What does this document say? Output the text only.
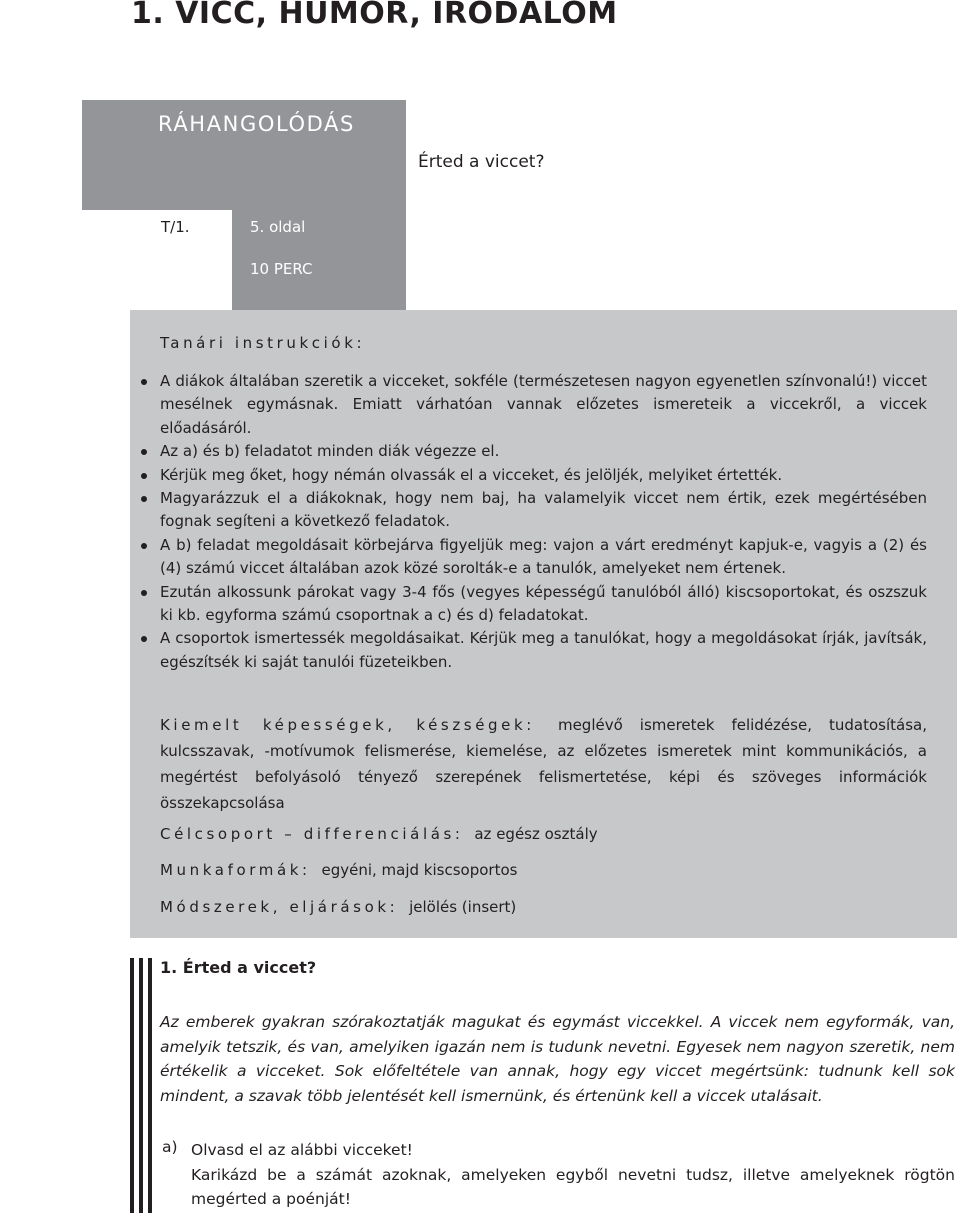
1. VICC, HUMOR, IRODALOM
RÁHANGOLÓDÁS
Érted a viccet?
T/1.	5. oldal
10 PERC
Tanári instrukciók:
A diákok általában szeretik a vicceket, sokféle (természetesen nagyon egyenetlen színvonalú!) viccet mesélnek egymásnak. Emiatt várhatóan vannak előzetes ismereteik a viccekről, a viccek előadásáról.
Az a) és b) feladatot minden diák végezze el.
Kérjük meg őket, hogy némán olvassák el a vicceket, és jelöljék, melyiket értették.
Magyarázzuk el a diákoknak, hogy nem baj, ha valamelyik viccet nem értik, ezek megértésében fognak segíteni a következő feladatok.
A b) feladat megoldásait körbejárva figyeljük meg: vajon a várt eredményt kapjuk-e, vagyis a (2) és (4) számú viccet általában azok közé sorolták-e a tanulók, amelyeket nem értenek.
Ezután alkossunk párokat vagy 3-4 fős (vegyes képességű tanulóból álló) kiscsoportokat, és oszszuk ki kb. egyforma számú csoportnak a c) és d) feladatokat.
A csoportok ismertessék megoldásaikat. Kérjük meg a tanulókat, hogy a megoldásokat írják, javítsák, egészítsék ki saját tanulói füzeteikben.
Kiemelt képességek, készségek: meglévő ismeretek felidézése, tudatosítása, kulcsszavak, -motívumok felismerése, kiemelése, az előzetes ismeretek mint kommunikációs, a megértést befolyásoló tényező szerepének felismertetése, képi és szöveges információk összekapcsolása
Célcsoport – differenciálás: az egész osztály
Munkaformák: egyéni, majd kiscsoportos
Módszerek, eljárások: jelölés (insert)
1. Érted a viccet?
Az emberek gyakran szórakoztatják magukat és egymást viccekkel. A viccek nem egyformák, van, amelyik tetszik, és van, amelyiken igazán nem is tudunk nevetni. Egyesek nem nagyon szeretik, nem értékelik a vicceket. Sok előfeltétele van annak, hogy egy viccet megértsünk: tudnunk kell sok mindent, a szavak több jelentését kell ismernünk, és értenünk kell a viccek utalásait.
a) Olvasd el az alábbi vicceket!

Karikázd be a számát azoknak, amelyeken egyből nevetni tudsz, illetve amelyeknek rögtön megérted a poénját!
